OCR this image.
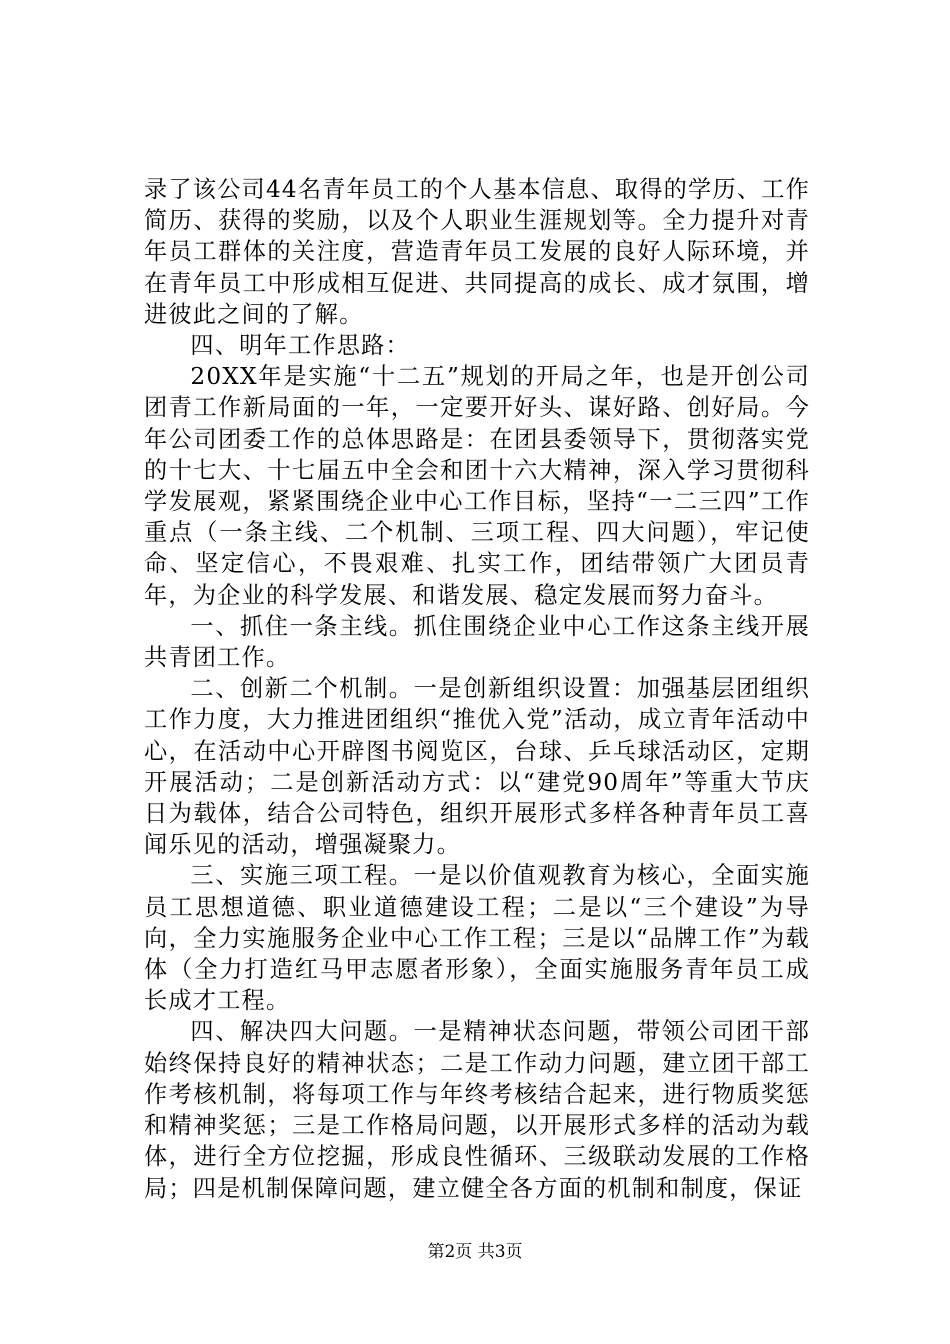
录了该公司44名青年员工的个人基本信息、取得的学历、工作简历、获得的奖励，以及个人职业生涯规划等。全力提升对青年员工群体的关注度，营造青年员工发展的良好人际环境，并在青年员工中形成相互促进、共同提高的成长、成才氛围，增进彼此之间的了解。

四、明年工作思路：

20XX年是实施“十二五”规划的开局之年，也是开创公司团青工作新局面的一年，一定要开好头、谋好路、创好局。今年公司团委工作的总体思路是：在团县委领导下，贯彻落实党的十七大、十七届五中全会和团十六大精神，深入学习贯彻科学发展观，紧紧围绕企业中心工作目标，坚持“一二三四”工作重点（一条主线、二个机制、三项工程、四大问题），牢记使命、坚定信心，不畏艰难、扎实工作，团结带领广大团员青年，为企业的科学发展、和谐发展、稳定发展而努力奋斗。

一、抓住一条主线。抓住围绕企业中心工作这条主线开展共青团工作。

二、创新二个机制。一是创新组织设置：加强基层团组织工作力度，大力推进团组织“推优入党”活动，成立青年活动中心，在活动中心开辟图书阅览区，台球、乒乓球活动区，定期开展活动；二是创新活动方式：以“建党90周年”等重大节庆日为载体，结合公司特色，组织开展形式多样各种青年员工喜闻乐见的活动，增强凝聚力。

三、实施三项工程。一是以价值观教育为核心，全面实施员工思想道德、职业道德建设工程；二是以“三个建设”为导向，全力实施服务企业中心工作工程；三是以“品牌工作”为载体（全力打造红马甲志愿者形象），全面实施服务青年员工成长成才工程。

四、解决四大问题。一是精神状态问题，带领公司团干部始终保持良好的精神状态；二是工作动力问题，建立团干部工作考核机制，将每项工作与年终考核结合起来，进行物质奖惩和精神奖惩；三是工作格局问题，以开展形式多样的活动为载体，进行全方位挖掘，形成良性循环、三级联动发展的工作格局；四是机制保障问题，建立健全各方面的机制和制度，保证

第2页 共3页
